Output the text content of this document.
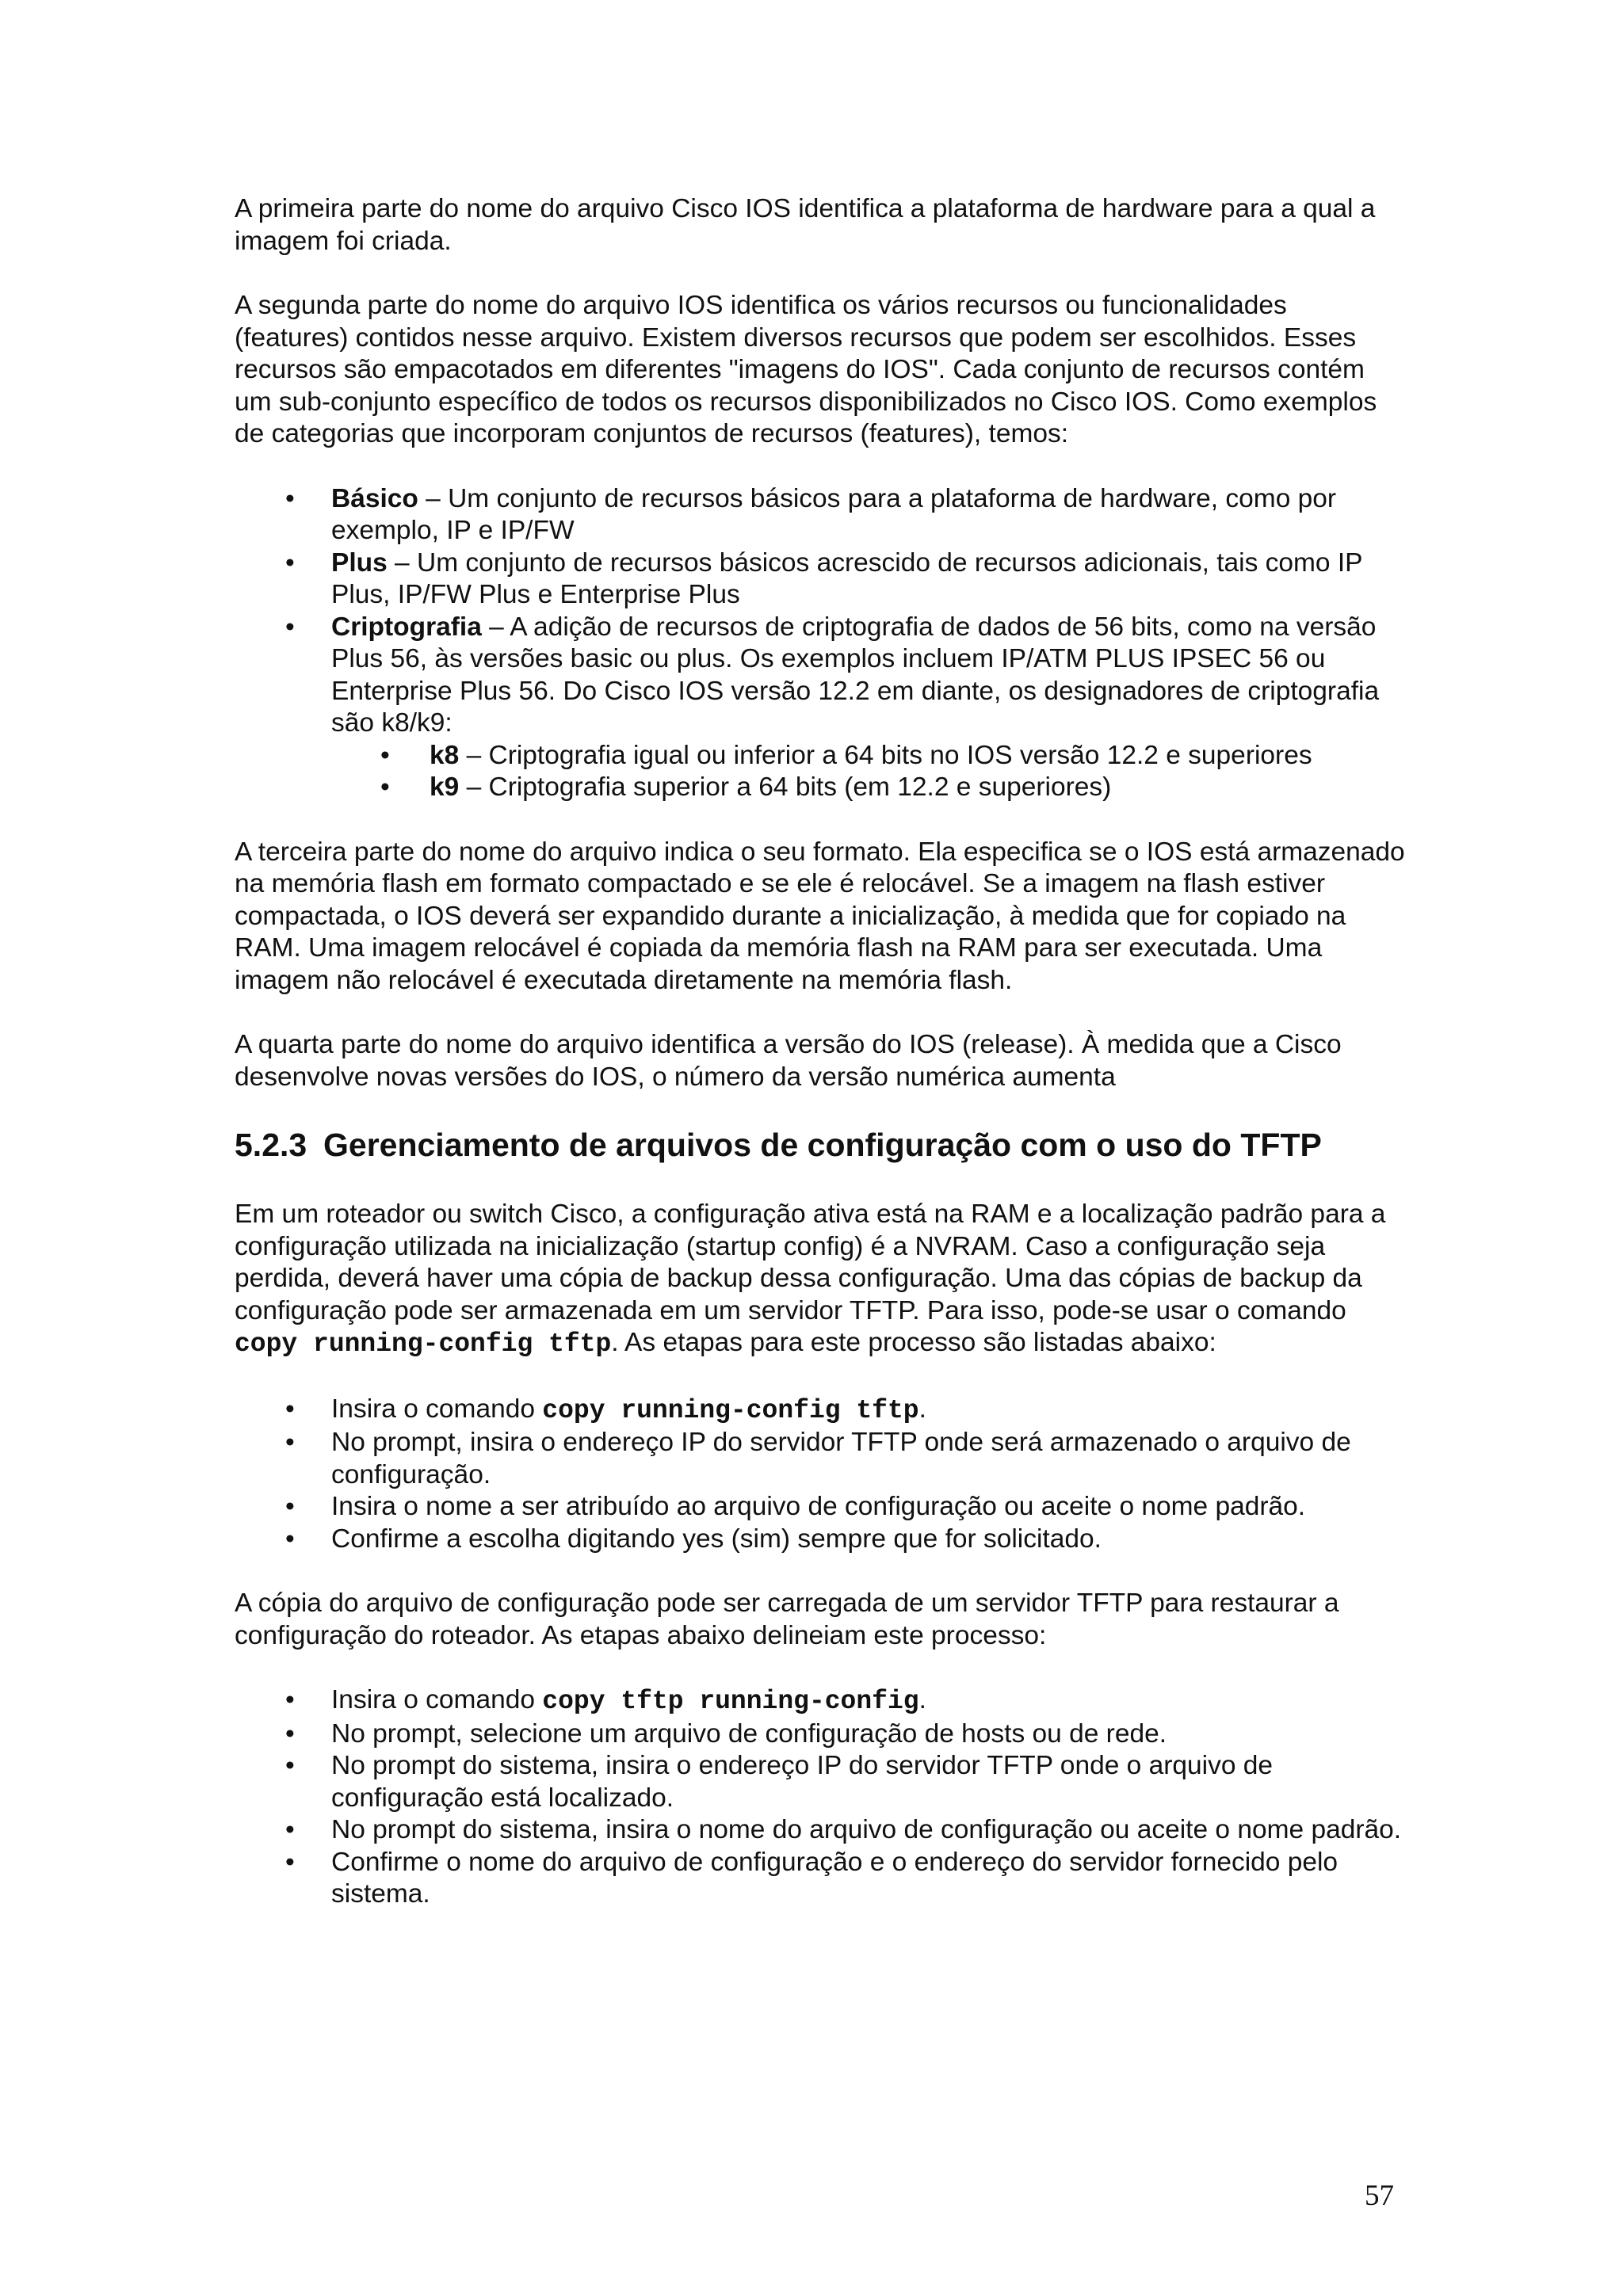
A primeira parte do nome do arquivo Cisco IOS identifica a plataforma de hardware para a qual a imagem foi criada.

A segunda parte do nome do arquivo IOS identifica os vários recursos ou funcionalidades (features) contidos nesse arquivo. Existem diversos recursos que podem ser escolhidos. Esses recursos são empacotados em diferentes "imagens do IOS". Cada conjunto de recursos contém um sub-conjunto específico de todos os recursos disponibilizados no Cisco IOS. Como exemplos de categorias que incorporam conjuntos de recursos (features), temos:

• Básico – Um conjunto de recursos básicos para a plataforma de hardware, como por exemplo, IP e IP/FW
• Plus – Um conjunto de recursos básicos acrescido de recursos adicionais, tais como IP Plus, IP/FW Plus e Enterprise Plus
• Criptografia – A adição de recursos de criptografia de dados de 56 bits, como na versão Plus 56, às versões basic ou plus. Os exemplos incluem IP/ATM PLUS IPSEC 56 ou Enterprise Plus 56. Do Cisco IOS versão 12.2 em diante, os designadores de criptografia são k8/k9:
• k8 – Criptografia igual ou inferior a 64 bits no IOS versão 12.2 e superiores
• k9 – Criptografia superior a 64 bits (em 12.2 e superiores)

A terceira parte do nome do arquivo indica o seu formato. Ela especifica se o IOS está armazenado na memória flash em formato compactado e se ele é relocável. Se a imagem na flash estiver compactada, o IOS deverá ser expandido durante a inicialização, à medida que for copiado na RAM. Uma imagem relocável é copiada da memória flash na RAM para ser executada. Uma imagem não relocável é executada diretamente na memória flash.

A quarta parte do nome do arquivo identifica a versão do IOS (release). À medida que a Cisco desenvolve novas versões do IOS, o número da versão numérica aumenta

5.2.3 Gerenciamento de arquivos de configuração com o uso do TFTP

Em um roteador ou switch Cisco, a configuração ativa está na RAM e a localização padrão para a configuração utilizada na inicialização (startup config) é a NVRAM. Caso a configuração seja perdida, deverá haver uma cópia de backup dessa configuração. Uma das cópias de backup da configuração pode ser armazenada em um servidor TFTP. Para isso, pode-se usar o comando copy running-config tftp. As etapas para este processo são listadas abaixo:

• Insira o comando copy running-config tftp.
• No prompt, insira o endereço IP do servidor TFTP onde será armazenado o arquivo de configuração.
• Insira o nome a ser atribuído ao arquivo de configuração ou aceite o nome padrão.
• Confirme a escolha digitando yes (sim) sempre que for solicitado.

A cópia do arquivo de configuração pode ser carregada de um servidor TFTP para restaurar a configuração do roteador. As etapas abaixo delineiam este processo:

• Insira o comando copy tftp running-config.
• No prompt, selecione um arquivo de configuração de hosts ou de rede.
• No prompt do sistema, insira o endereço IP do servidor TFTP onde o arquivo de configuração está localizado.
• No prompt do sistema, insira o nome do arquivo de configuração ou aceite o nome padrão.
• Confirme o nome do arquivo de configuração e o endereço do servidor fornecido pelo sistema.
57
